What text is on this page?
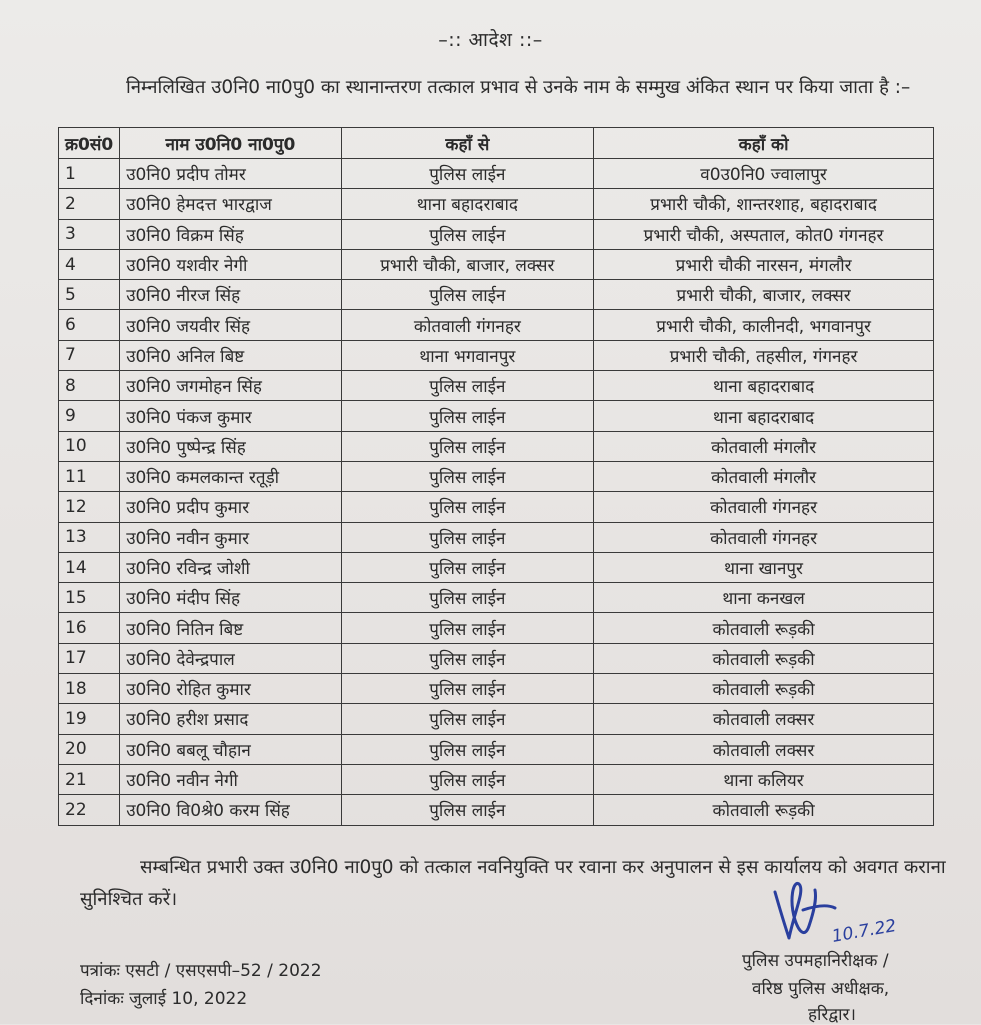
–:: आदेश ::–
निम्नलिखित उ0नि0 ना0पु0 का स्थानान्तरण तत्काल प्रभाव से उनके नाम के सम्मुख अंकित स्थान पर किया जाता है :–
क्र0सं0	नाम उ0नि0 ना0पु0	कहाँ से	कहाँ को
1	उ0नि0 प्रदीप तोमर	पुलिस लाईन	व0उ0नि0 ज्वालापुर
2	उ0नि0 हेमदत्त भारद्वाज	थाना बहादराबाद	प्रभारी चौकी, शान्तरशाह, बहादराबाद
3	उ0नि0 विक्रम सिंह	पुलिस लाईन	प्रभारी चौकी, अस्पताल, कोत0 गंगनहर
4	उ0नि0 यशवीर नेगी	प्रभारी चौकी, बाजार, लक्सर	प्रभारी चौकी नारसन, मंगलौर
5	उ0नि0 नीरज सिंह	पुलिस लाईन	प्रभारी चौकी, बाजार, लक्सर
6	उ0नि0 जयवीर सिंह	कोतवाली गंगनहर	प्रभारी चौकी, कालीनदी, भगवानपुर
7	उ0नि0 अनिल बिष्ट	थाना भगवानपुर	प्रभारी चौकी, तहसील, गंगनहर
8	उ0नि0 जगमोहन सिंह	पुलिस लाईन	थाना बहादराबाद
9	उ0नि0 पंकज कुमार	पुलिस लाईन	थाना बहादराबाद
10	उ0नि0 पुष्पेन्द्र सिंह	पुलिस लाईन	कोतवाली मंगलौर
11	उ0नि0 कमलकान्त रतूड़ी	पुलिस लाईन	कोतवाली मंगलौर
12	उ0नि0 प्रदीप कुमार	पुलिस लाईन	कोतवाली गंगनहर
13	उ0नि0 नवीन कुमार	पुलिस लाईन	कोतवाली गंगनहर
14	उ0नि0 रविन्द्र जोशी	पुलिस लाईन	थाना खानपुर
15	उ0नि0 मंदीप सिंह	पुलिस लाईन	थाना कनखल
16	उ0नि0 नितिन बिष्ट	पुलिस लाईन	कोतवाली रूड़की
17	उ0नि0 देवेन्द्रपाल	पुलिस लाईन	कोतवाली रूड़की
18	उ0नि0 रोहित कुमार	पुलिस लाईन	कोतवाली रूड़की
19	उ0नि0 हरीश प्रसाद	पुलिस लाईन	कोतवाली लक्सर
20	उ0नि0 बबलू चौहान	पुलिस लाईन	कोतवाली लक्सर
21	उ0नि0 नवीन नेगी	पुलिस लाईन	थाना कलियर
22	उ0नि0 वि0श्रे0 करम सिंह	पुलिस लाईन	कोतवाली रूड़की
सम्बन्धित प्रभारी उक्त उ0नि0 ना0पु0 को तत्काल नवनियुक्ति पर रवाना कर अनुपालन से इस कार्यालय को अवगत कराना सुनिश्चित करें।
पत्रांकः एसटी / एसएसपी–52 / 2022
दिनांकः जुलाई 10, 2022
10.7.22
पुलिस उपमहानिरीक्षक /
वरिष्ठ पुलिस अधीक्षक,
हरिद्वार।
